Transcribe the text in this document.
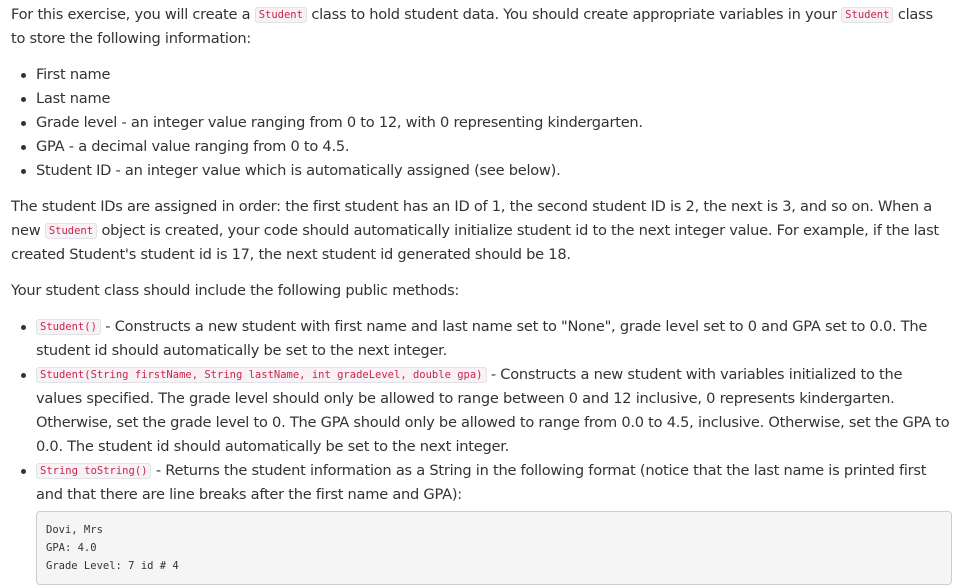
For this exercise, you will create a Student class to hold student data. You should create appropriate variables in your Student class to store the following information:

First name
Last name
Grade level - an integer value ranging from 0 to 12, with 0 representing kindergarten.
GPA - a decimal value ranging from 0 to 4.5.
Student ID - an integer value which is automatically assigned (see below).

The student IDs are assigned in order: the first student has an ID of 1, the second student ID is 2, the next is 3, and so on. When a new Student object is created, your code should automatically initialize student id to the next integer value. For example, if the last created Student's student id is 17, the next student id generated should be 18.

Your student class should include the following public methods:

Student() - Constructs a new student with first name and last name set to "None", grade level set to 0 and GPA set to 0.0. The student id should automatically be set to the next integer.
Student(String firstName, String lastName, int gradeLevel, double gpa) - Constructs a new student with variables initialized to the values specified. The grade level should only be allowed to range between 0 and 12 inclusive, 0 represents kindergarten. Otherwise, set the grade level to 0. The GPA should only be allowed to range from 0.0 to 4.5, inclusive. Otherwise, set the GPA to 0.0. The student id should automatically be set to the next integer.
String toString() - Returns the student information as a String in the following format (notice that the last name is printed first and that there are line breaks after the first name and GPA):
Dovi, Mrs
GPA: 4.0
Grade Level: 7 id # 4
